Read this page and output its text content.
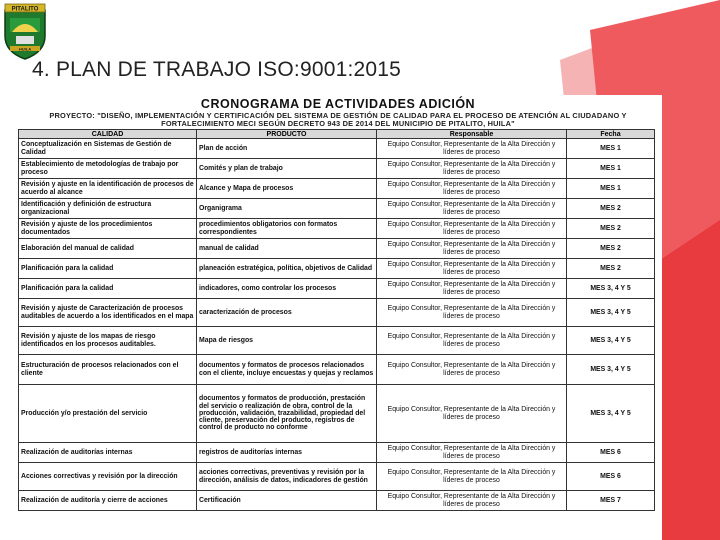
PITALITO
HUILA
4. PLAN DE TRABAJO ISO:9001:2015
CRONOGRAMA DE ACTIVIDADES ADICIÓN
PROYECTO: "DISEÑO, IMPLEMENTACIÓN Y CERTIFICACIÓN DEL SISTEMA DE GESTIÓN DE CALIDAD PARA EL PROCESO DE ATENCIÓN AL CIUDADANO Y FORTALECIMIENTO MECI SEGÚN DECRETO 943 DE 2014 DEL MUNICIPIO DE PITALITO, HUILA"
CALIDAD	PRODUCTO	Responsable	Fecha
Conceptualización en Sistemas de Gestión de Calidad	Plan de acción	Equipo Consultor, Representante de la Alta Dirección y líderes de proceso	MES 1
Establecimiento de metodologías de trabajo por proceso	Comités y plan de trabajo	Equipo Consultor, Representante de la Alta Dirección y líderes de proceso	MES 1
Revisión y ajuste en la identificación de procesos de acuerdo al alcance	Alcance y Mapa de procesos	Equipo Consultor, Representante de la Alta Dirección y líderes de proceso	MES 1
Identificación y definición de estructura organizacional	Organigrama	Equipo Consultor, Representante de la Alta Dirección y líderes de proceso	MES 2
Revisión y ajuste de los procedimientos documentados	procedimientos obligatorios con formatos correspondientes	Equipo Consultor, Representante de la Alta Dirección y líderes de proceso	MES 2
Elaboración del manual de calidad	manual de calidad	Equipo Consultor, Representante de la Alta Dirección y líderes de proceso	MES 2
Planificación para la calidad	planeación estratégica, política, objetivos de Calidad	Equipo Consultor, Representante de la Alta Dirección y líderes de proceso	MES 2
Planificación para la calidad	indicadores, como controlar los procesos	Equipo Consultor, Representante de la Alta Dirección y líderes de proceso	MES 3, 4 Y 5
Revisión y ajuste de Caracterización de procesos auditables de acuerdo a los identificados en el mapa	caracterización de procesos	Equipo Consultor, Representante de la Alta Dirección y líderes de proceso	MES 3, 4 Y 5
Revisión y ajuste de los mapas de riesgo identificados en los procesos auditables.	Mapa de riesgos	Equipo Consultor, Representante de la Alta Dirección y líderes de proceso	MES 3, 4 Y 5
Estructuración de procesos relacionados con el cliente	documentos y formatos de procesos relacionados con el cliente, incluye encuestas y quejas y reclamos	Equipo Consultor, Representante de la Alta Dirección y líderes de proceso	MES 3, 4 Y 5
Producción y/o prestación del servicio	documentos y formatos de producción, prestación del servicio o realización de obra, control de la producción, validación, trazabilidad, propiedad del cliente, preservación del producto, registros de control de producto no conforme	Equipo Consultor, Representante de la Alta Dirección y líderes de proceso	MES 3, 4 Y 5
Realización de auditorías internas	registros de auditorías internas	Equipo Consultor, Representante de la Alta Dirección y líderes de proceso	MES 6
Acciones correctivas y revisión por la dirección	acciones correctivas, preventivas y revisión por la dirección, análisis de datos, indicadores de gestión	Equipo Consultor, Representante de la Alta Dirección y líderes de proceso	MES 6
Realización de auditoría y cierre de acciones	Certificación	Equipo Consultor, Representante de la Alta Dirección y líderes de proceso	MES 7
